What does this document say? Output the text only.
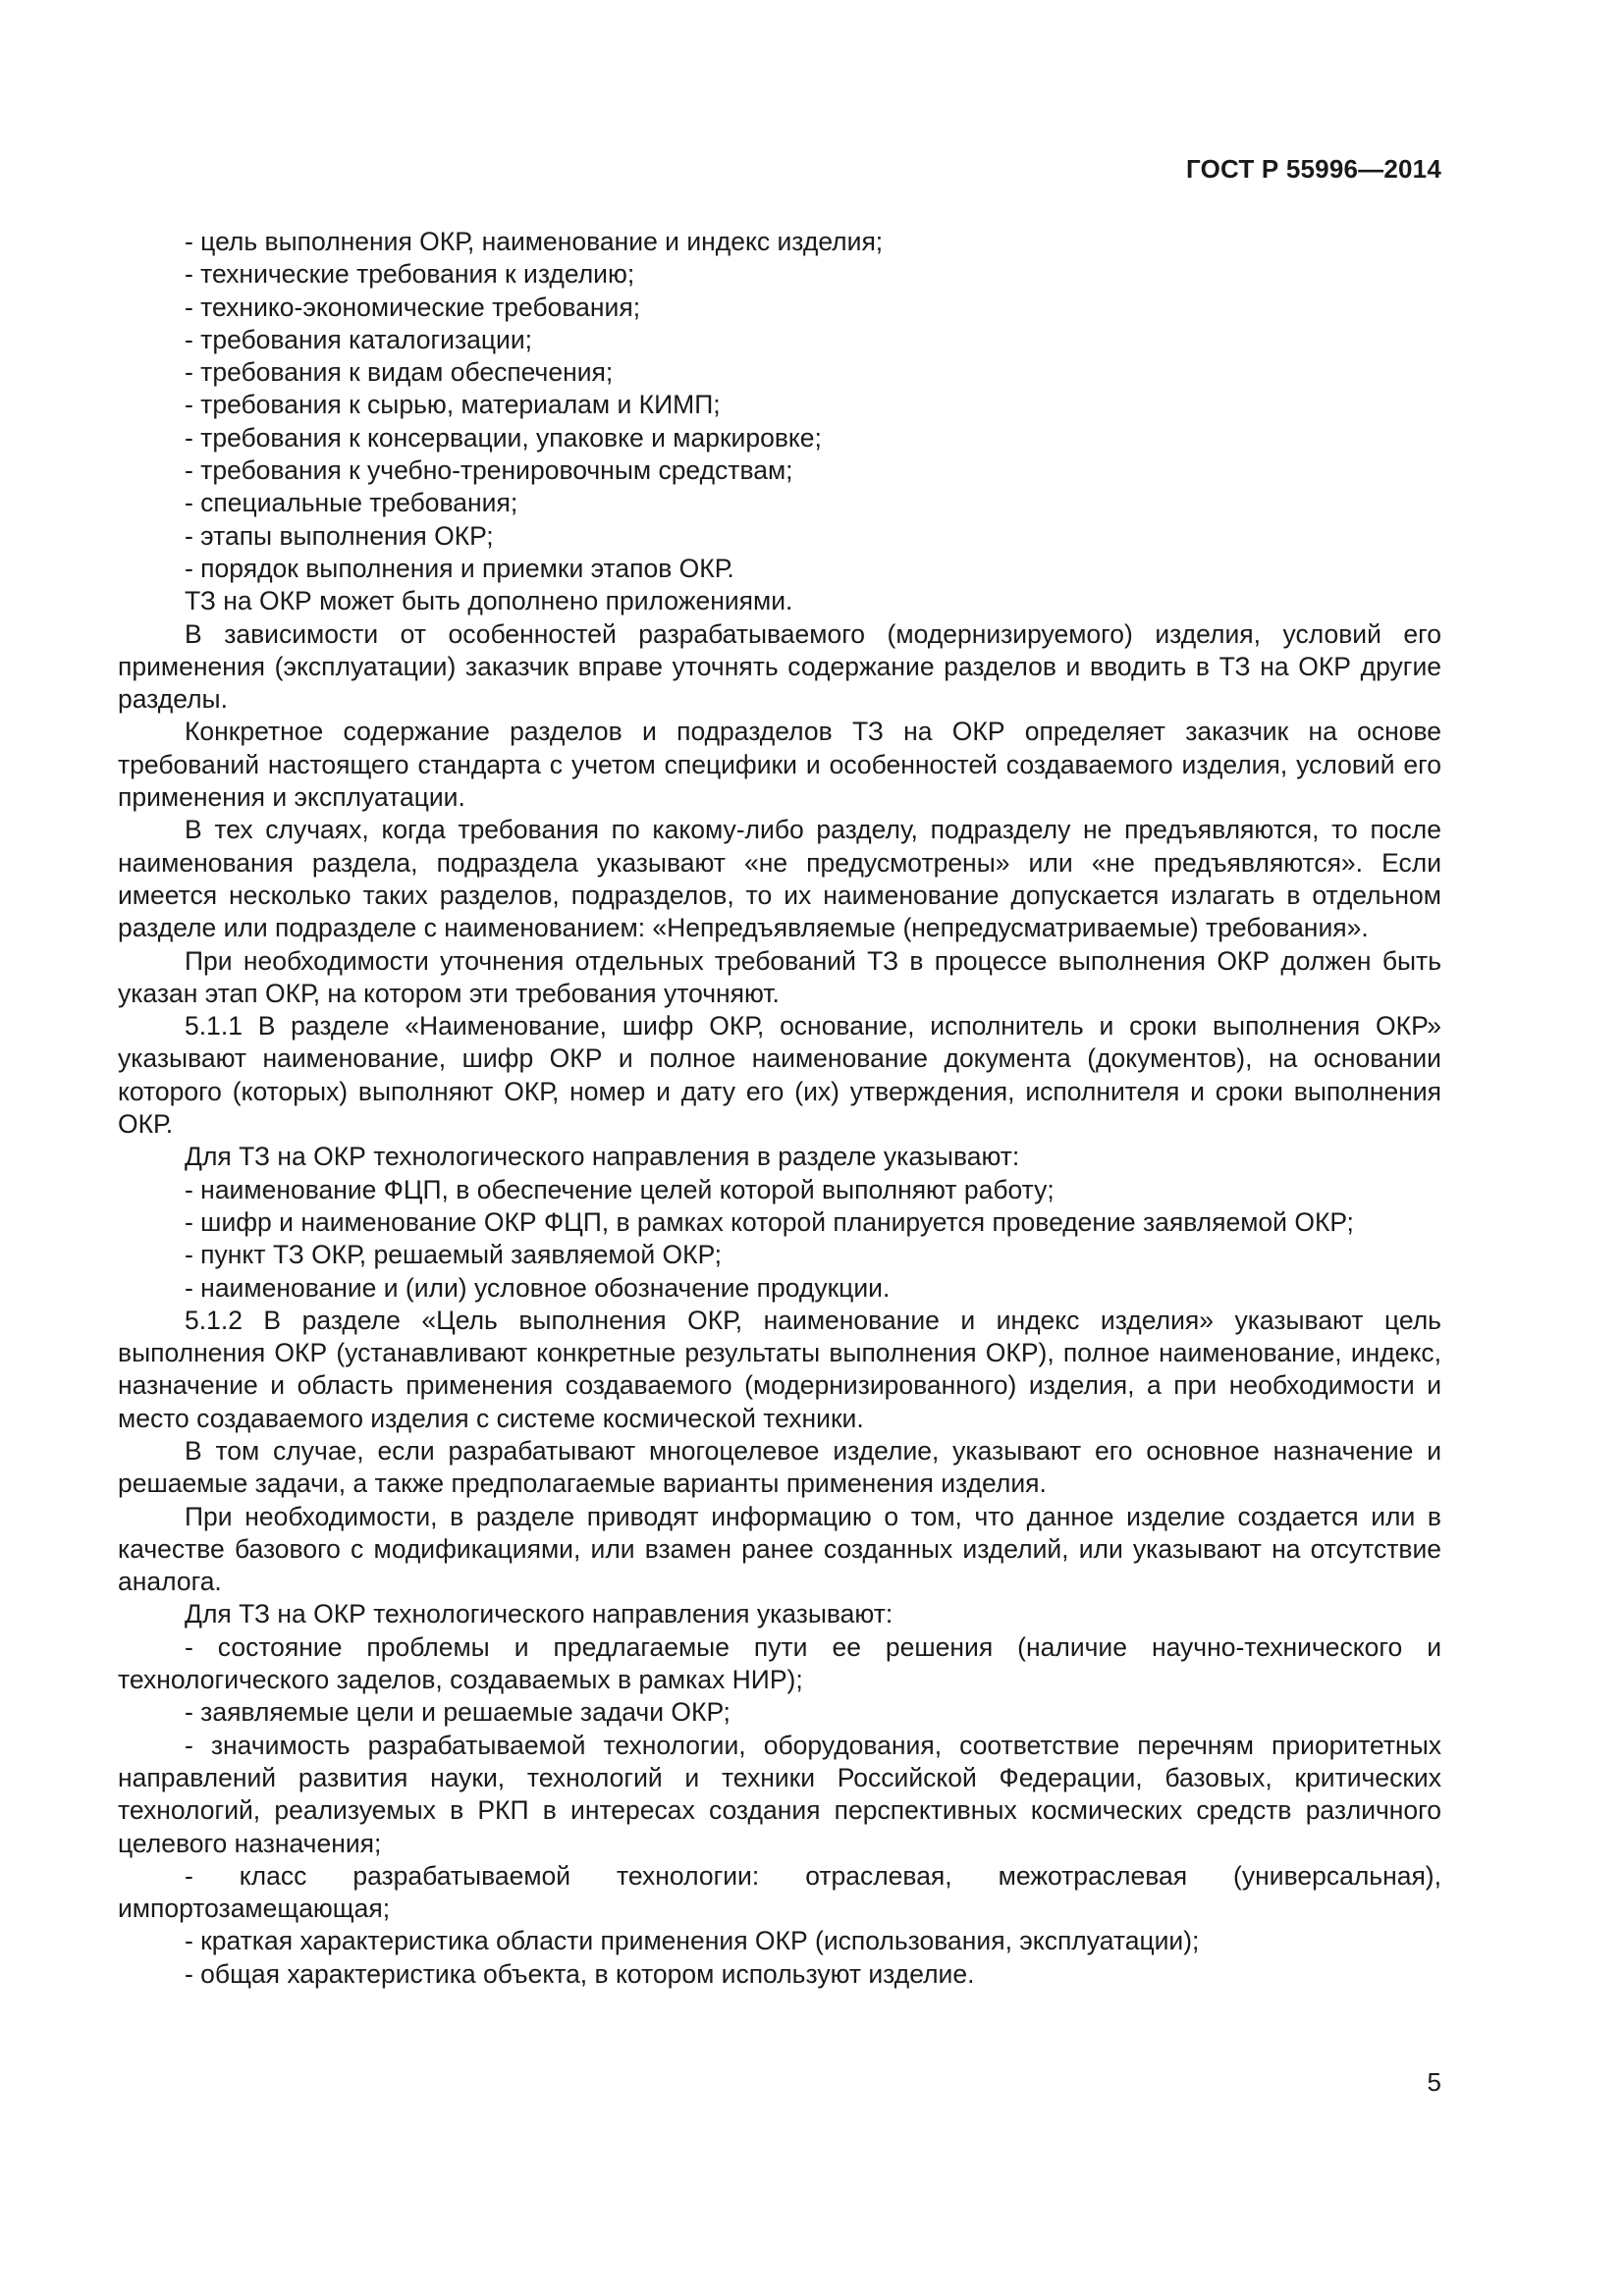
ГОСТ Р 55996—2014

- цель выполнения ОКР, наименование и индекс изделия;

- технические требования к изделию;

- технико-экономические требования;

- требования каталогизации;

- требования к видам обеспечения;

- требования к сырью, материалам и КИМП;

- требования к консервации, упаковке и маркировке;

- требования к учебно-тренировочным средствам;

- специальные требования;

- этапы выполнения ОКР;

- порядок выполнения и приемки этапов ОКР.

ТЗ на ОКР может быть дополнено приложениями.

В зависимости от особенностей разрабатываемого (модернизируемого) изделия, условий его применения (эксплуатации) заказчик вправе уточнять содержание разделов и вводить в ТЗ на ОКР другие разделы.

Конкретное содержание разделов и подразделов ТЗ на ОКР определяет заказчик на основе требований настоящего стандарта с учетом специфики и особенностей создаваемого изделия, условий его применения и эксплуатации.

В тех случаях, когда требования по какому-либо разделу, подразделу не предъявляются, то после наименования раздела, подраздела указывают «не предусмотрены» или «не предъявляются». Если имеется несколько таких разделов, подразделов, то их наименование допускается излагать в отдельном разделе или подразделе с наименованием: «Непредъявляемые (непредусматриваемые) требования».

При необходимости уточнения отдельных требований ТЗ в процессе выполнения ОКР должен быть указан этап ОКР, на котором эти требования уточняют.

5.1.1 В разделе «Наименование, шифр ОКР, основание, исполнитель и сроки выполнения ОКР» указывают наименование, шифр ОКР и полное наименование документа (документов), на основании которого (которых) выполняют ОКР, номер и дату его (их) утверждения, исполнителя и сроки выполнения ОКР.

Для ТЗ на ОКР технологического направления в разделе указывают:

- наименование ФЦП, в обеспечение целей которой выполняют работу;

- шифр и наименование ОКР ФЦП, в рамках которой планируется проведение заявляемой ОКР;

- пункт ТЗ ОКР, решаемый заявляемой ОКР;

- наименование и (или) условное обозначение продукции.

5.1.2 В разделе «Цель выполнения ОКР, наименование и индекс изделия» указывают цель выполнения ОКР (устанавливают конкретные результаты выполнения ОКР), полное наименование, индекс, назначение и область применения создаваемого (модернизированного) изделия, а при необходимости и место создаваемого изделия с системе космической техники.

В том случае, если разрабатывают многоцелевое изделие, указывают его основное назначение и решаемые задачи, а также предполагаемые варианты применения изделия.

При необходимости, в разделе приводят информацию о том, что данное изделие создается или в качестве базового с модификациями, или взамен ранее созданных изделий, или указывают на отсутствие аналога.

Для ТЗ на ОКР технологического направления указывают:

- состояние проблемы и предлагаемые пути ее решения (наличие научно-технического и технологического заделов, создаваемых в рамках НИР);

- заявляемые цели и решаемые задачи ОКР;

- значимость разрабатываемой технологии, оборудования, соответствие перечням приоритетных направлений развития науки, технологий и техники Российской Федерации, базовых, критических технологий, реализуемых в РКП в интересах создания перспективных космических средств различного целевого назначения;

- класс разрабатываемой технологии: отраслевая, межотраслевая (универсальная), импортозамещающая;

- краткая характеристика области применения ОКР (использования, эксплуатации);

- общая характеристика объекта, в котором используют изделие.

5
